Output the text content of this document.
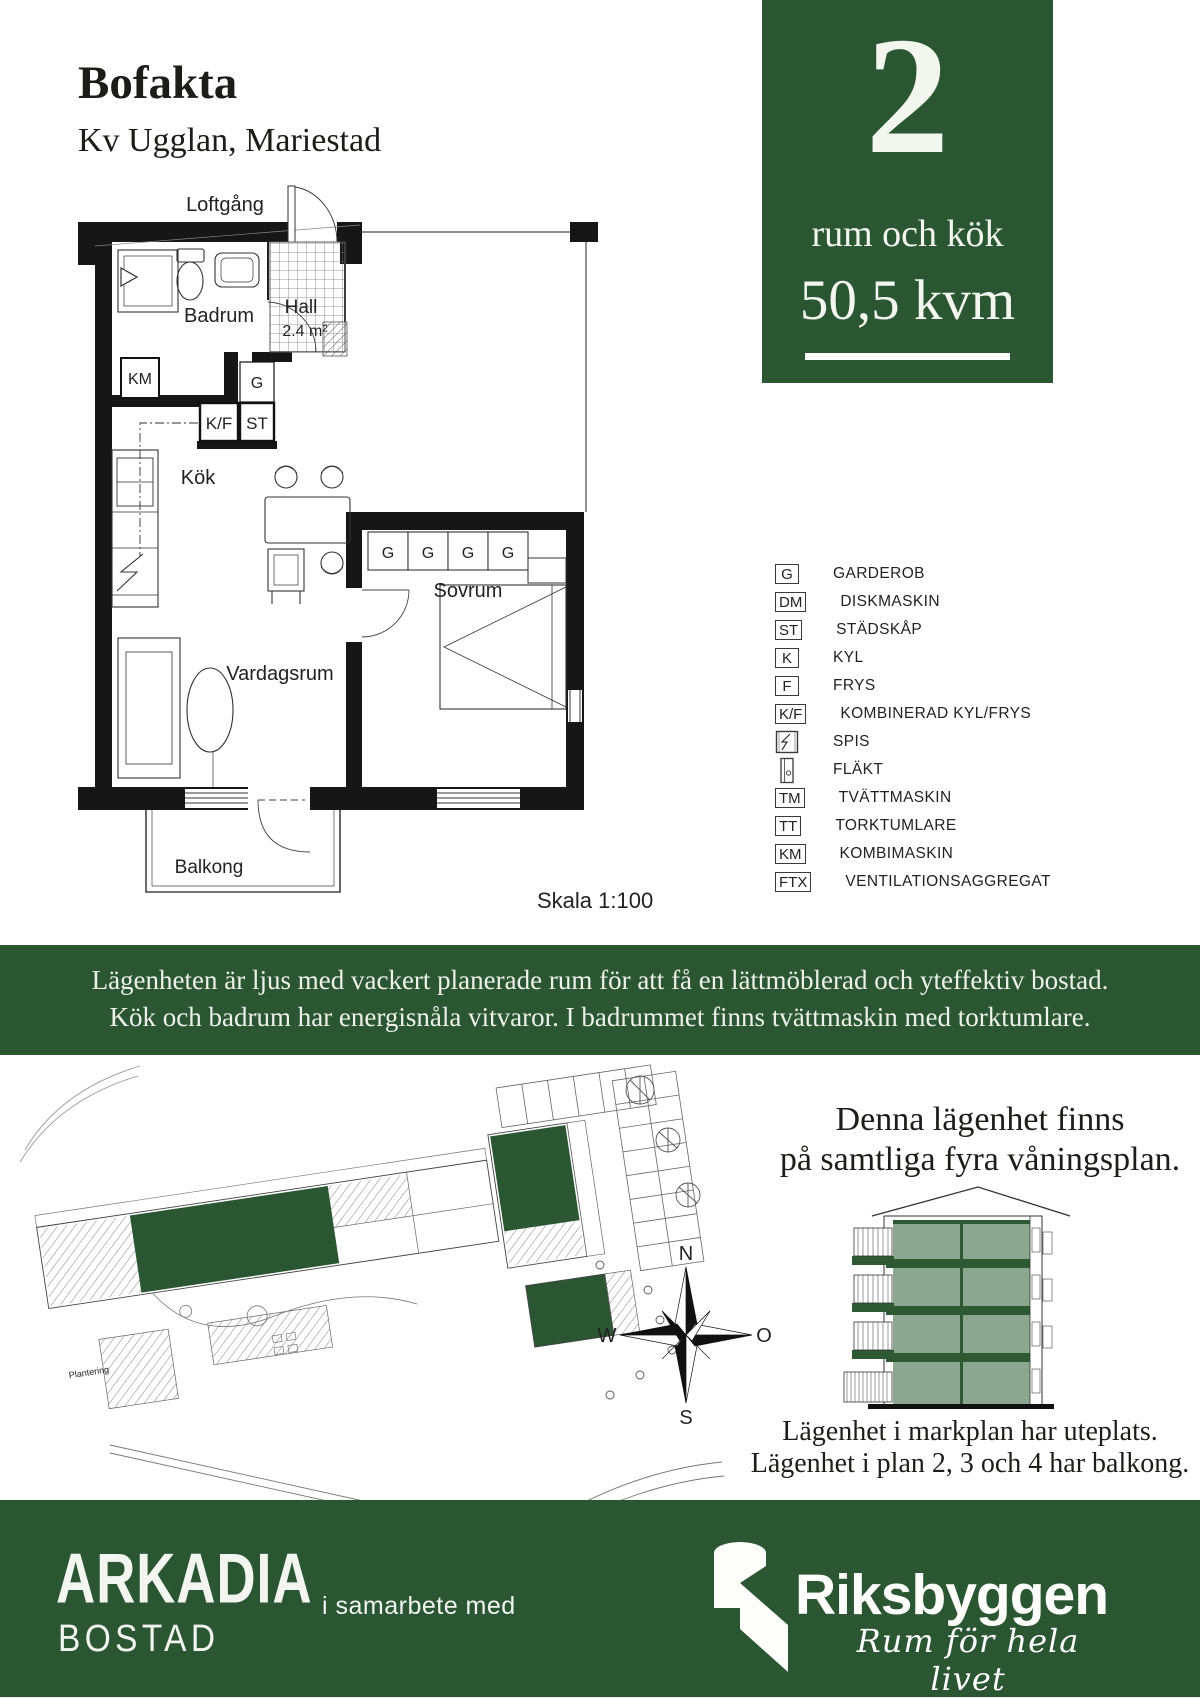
Bofakta
Kv Ugglan, Mariestad	2
rum och kök
50,5 kvm
Loftgång
Badrum Hall
2.4 m²
KM	G
K/F ST
Kök
G G G G
Sovrum
Vardagsrum
Balkong
G	GARDEROB
DM DISKMASKIN
ST STÄDSKÅP
K	KYL
F	FRYS
K/F KOMBINERAD KYL/FRYS
SPIS
FLÄKT
TM TVÄTTMASKIN
TT TORKTUMLARE
KM KOMBIMASKIN
FTX VENTILATIONSAGGREGAT
Skala 1:100

Lägenheten är ljus med vackert planerade rum för att få en lättmöblerad och yteffektiv bostad.

Kök och badrum har energisnåla vitvaror. I badrummet finns tvättmaskin med torktumlare.

Plantering
N
W	O
S
Denna lägenhet finns
på samtliga fyra våningsplan.
Lägenhet i markplan har uteplats.
Lägenhet i plan 2, 3 och 4 har balkong.
ARKADIA
BOSTAD
i samarbete med	Riksbyggen
Rum för hela livet
